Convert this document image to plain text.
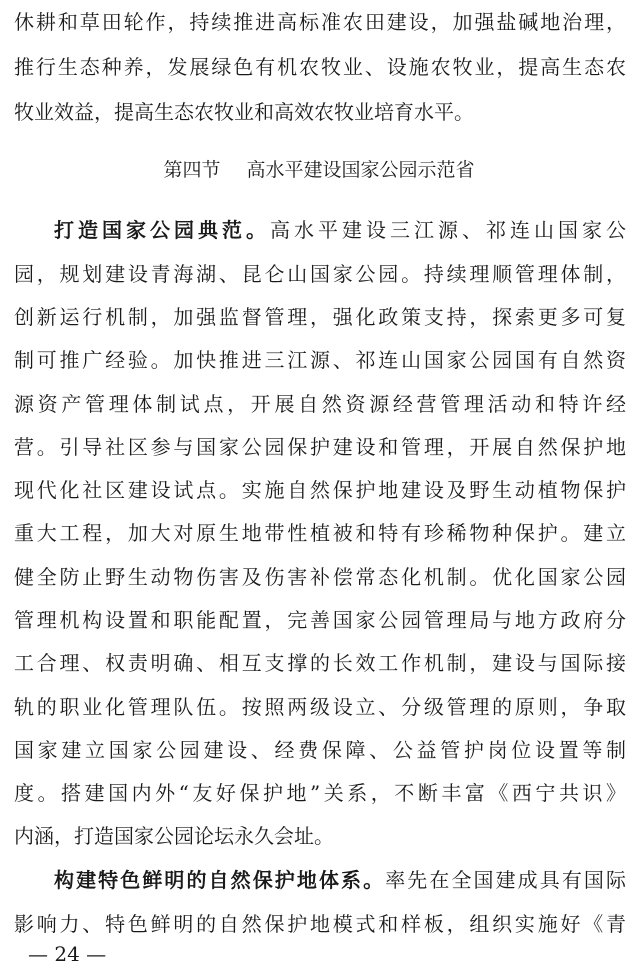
休耕和草田轮作，持续推进高标准农田建设，加强盐碱地治理，
推行生态种养，发展绿色有机农牧业、设施农牧业，提高生态农
牧业效益，提高生态农牧业和高效农牧业培育水平。
第四节 高水平建设国家公园示范省
打造国家公园典范。高水平建设三江源、祁连山国家公
园，规划建设青海湖、昆仑山国家公园。持续理顺管理体制，
创新运行机制，加强监督管理，强化政策支持，探索更多可复
制可推广经验。加快推进三江源、祁连山国家公园国有自然资
源资产管理体制试点，开展自然资源经营管理活动和特许经
营。引导社区参与国家公园保护建设和管理，开展自然保护地
现代化社区建设试点。实施自然保护地建设及野生动植物保护
重大工程，加大对原生地带性植被和特有珍稀物种保护。建立
健全防止野生动物伤害及伤害补偿常态化机制。优化国家公园
管理机构设置和职能配置，完善国家公园管理局与地方政府分
工合理、权责明确、相互支撑的长效工作机制，建设与国际接
轨的职业化管理队伍。按照两级设立、分级管理的原则，争取
国家建立国家公园建设、经费保障、公益管护岗位设置等制
度。搭建国内外“友好保护地”关系，不断丰富《西宁共识》
内涵，打造国家公园论坛永久会址。
构建特色鲜明的自然保护地体系。率先在全国建成具有国际
影响力、特色鲜明的自然保护地模式和样板，组织实施好《青
— 24 —
